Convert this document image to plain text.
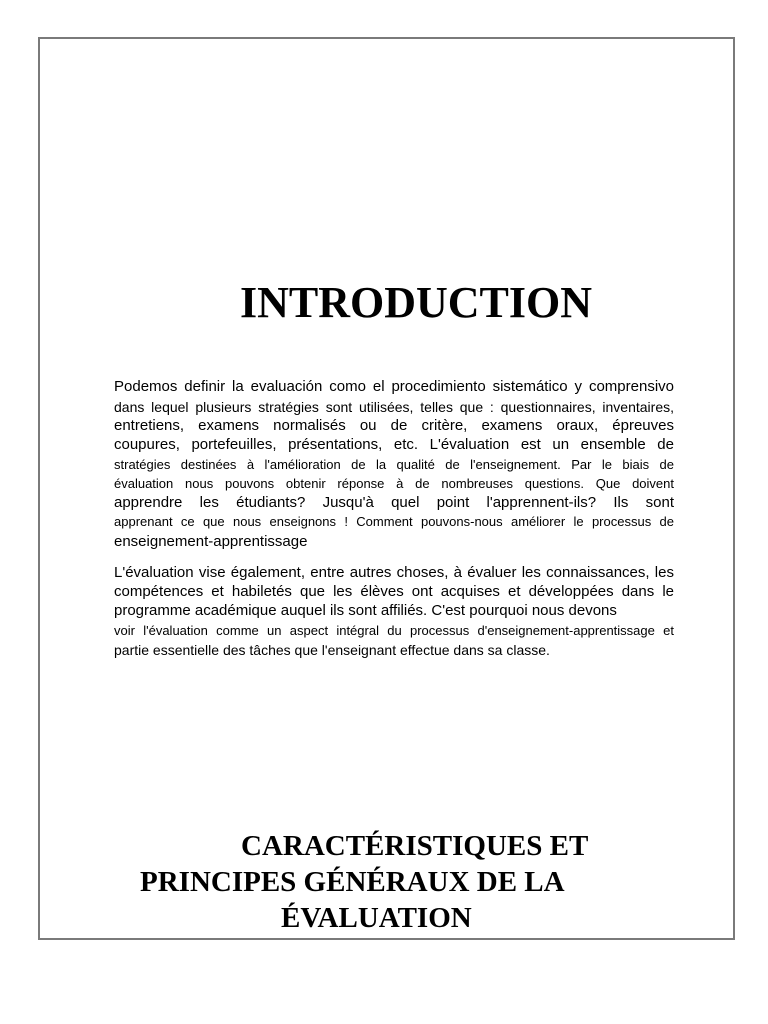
INTRODUCTION

Podemos definir la evaluación como el procedimiento sistemático y comprensivo

dans lequel plusieurs stratégies sont utilisées, telles que : questionnaires, inventaires,

entretiens, examens normalisés ou de critère, examens oraux, épreuves

coupures, portefeuilles, présentations, etc. L'évaluation est un ensemble de

stratégies destinées à l'amélioration de la qualité de l'enseignement. Par le biais de

évaluation nous pouvons obtenir réponse à de nombreuses questions. Que doivent

apprendre les étudiants? Jusqu'à quel point l'apprennent-ils? Ils sont

apprenant ce que nous enseignons ! Comment pouvons-nous améliorer le processus de

enseignement-apprentissage

L'évaluation vise également, entre autres choses, à évaluer les connaissances, les

compétences et habiletés que les élèves ont acquises et développées dans le

programme académique auquel ils sont affiliés. C'est pourquoi nous devons

voir l'évaluation comme un aspect intégral du processus d'enseignement-apprentissage et

partie essentielle des tâches que l'enseignant effectue dans sa classe.

CARACTÉRISTIQUES ET
PRINCIPES GÉNÉRAUX DE LA
ÉVALUATION
